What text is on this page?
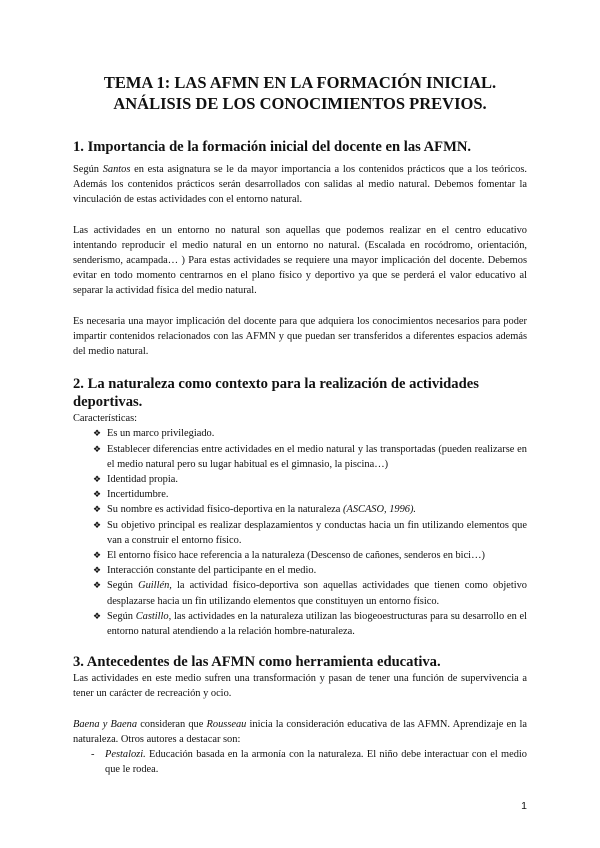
TEMA 1: LAS AFMN EN LA FORMACIÓN INICIAL.
ANÁLISIS DE LOS CONOCIMIENTOS PREVIOS.
1. Importancia de la formación inicial del docente en las AFMN.

Según Santos en esta asignatura se le da mayor importancia a los contenidos prácticos que a los teóricos. Además los contenidos prácticos serán desarrollados con salidas al medio natural. Debemos fomentar la vinculación de estas actividades con el entorno natural.

Las actividades en un entorno no natural son aquellas que podemos realizar en el centro educativo intentando reproducir el medio natural en un entorno no natural. (Escalada en rocódromo, orientación, senderismo, acampada… ) Para estas actividades se requiere una mayor implicación del docente. Debemos evitar en todo momento centrarnos en el plano físico y deportivo ya que se perderá el valor educativo al separar la actividad física del medio natural.

Es necesaria una mayor implicación del docente para que adquiera los conocimientos necesarios para poder impartir contenidos relacionados con las AFMN y que puedan ser transferidos a diferentes espacios además del medio natural.

2. La naturaleza como contexto para la realización de actividades deportivas.

Características:

❖ Es un marco privilegiado.
❖ Establecer diferencias entre actividades en el medio natural y las transportadas (pueden realizarse en el medio natural pero su lugar habitual es el gimnasio, la piscina…)
❖ Identidad propia.
❖ Incertidumbre.
❖ Su nombre es actividad físico-deportiva en la naturaleza (ASCASO, 1996).
❖ Su objetivo principal es realizar desplazamientos y conductas hacia un fin utilizando elementos que van a construir el entorno físico.
❖ El entorno físico hace referencia a la naturaleza (Descenso de cañones, senderos en bici…)
❖ Interacción constante del participante en el medio.
❖ Según Guillén, la actividad físico-deportiva son aquellas actividades que tienen como objetivo desplazarse hacia un fin utilizando elementos que constituyen un entorno físico.
❖ Según Castillo, las actividades en la naturaleza utilizan las biogeoestructuras para su desarrollo en el entorno natural atendiendo a la relación hombre-naturaleza.
3. Antecedentes de las AFMN como herramienta educativa.

Las actividades en este medio sufren una transformación y pasan de tener una función de supervivencia a tener un carácter de recreación y ocio.

Baena y Baena consideran que Rousseau inicia la consideración educativa de las AFMN. Aprendizaje en la naturaleza. Otros autores a destacar son:

- Pestalozi. Educación basada en la armonía con la naturaleza. El niño debe interactuar con el medio que le rodea.
1
